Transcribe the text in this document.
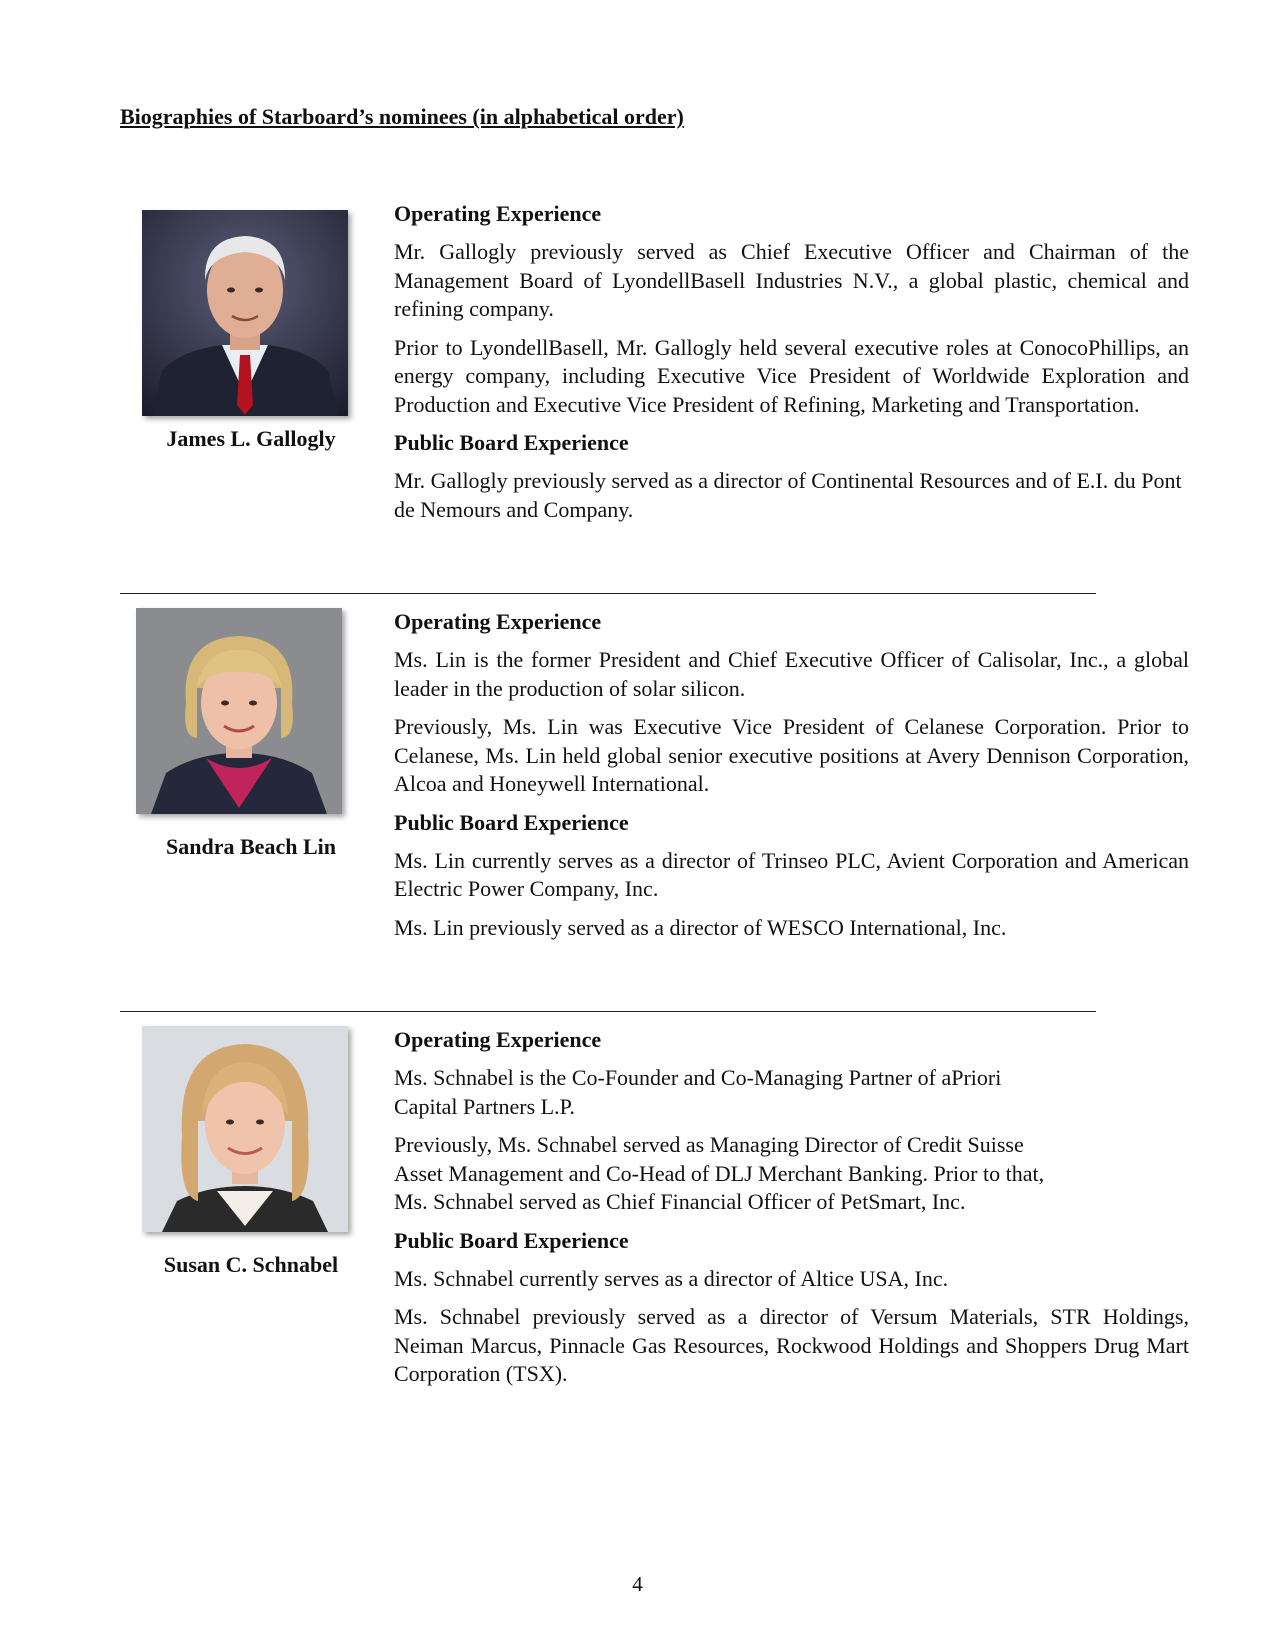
Biographies of Starboard’s nominees (in alphabetical order)
James L. Gallogly
Operating Experience

Mr. Gallogly previously served as Chief Executive Officer and Chairman of the Management Board of LyondellBasell Industries N.V., a global plastic, chemical and refining company.

Prior to LyondellBasell, Mr. Gallogly held several executive roles at ConocoPhillips, an energy company, including Executive Vice President of Worldwide Exploration and Production and Executive Vice President of Refining, Marketing and Transportation.

Public Board Experience

Mr. Gallogly previously served as a director of Continental Resources and of E.I. du Pont de Nemours and Company.

Sandra Beach Lin
Operating Experience

Ms. Lin is the former President and Chief Executive Officer of Calisolar, Inc., a global leader in the production of solar silicon.

Previously, Ms. Lin was Executive Vice President of Celanese Corporation. Prior to Celanese, Ms. Lin held global senior executive positions at Avery Dennison Corporation, Alcoa and Honeywell International.

Public Board Experience

Ms. Lin currently serves as a director of Trinseo PLC, Avient Corporation and American Electric Power Company, Inc.

Ms. Lin previously served as a director of WESCO International, Inc.

Susan C. Schnabel
Operating Experience

Ms. Schnabel is the Co-Founder and Co-Managing Partner of aPriori Capital Partners L.P.

Previously, Ms. Schnabel served as Managing Director of Credit Suisse Asset Management and Co-Head of DLJ Merchant Banking. Prior to that, Ms. Schnabel served as Chief Financial Officer of PetSmart, Inc.

Public Board Experience

Ms. Schnabel currently serves as a director of Altice USA, Inc.

Ms. Schnabel previously served as a director of Versum Materials, STR Holdings, Neiman Marcus, Pinnacle Gas Resources, Rockwood Holdings and Shoppers Drug Mart Corporation (TSX).

4
